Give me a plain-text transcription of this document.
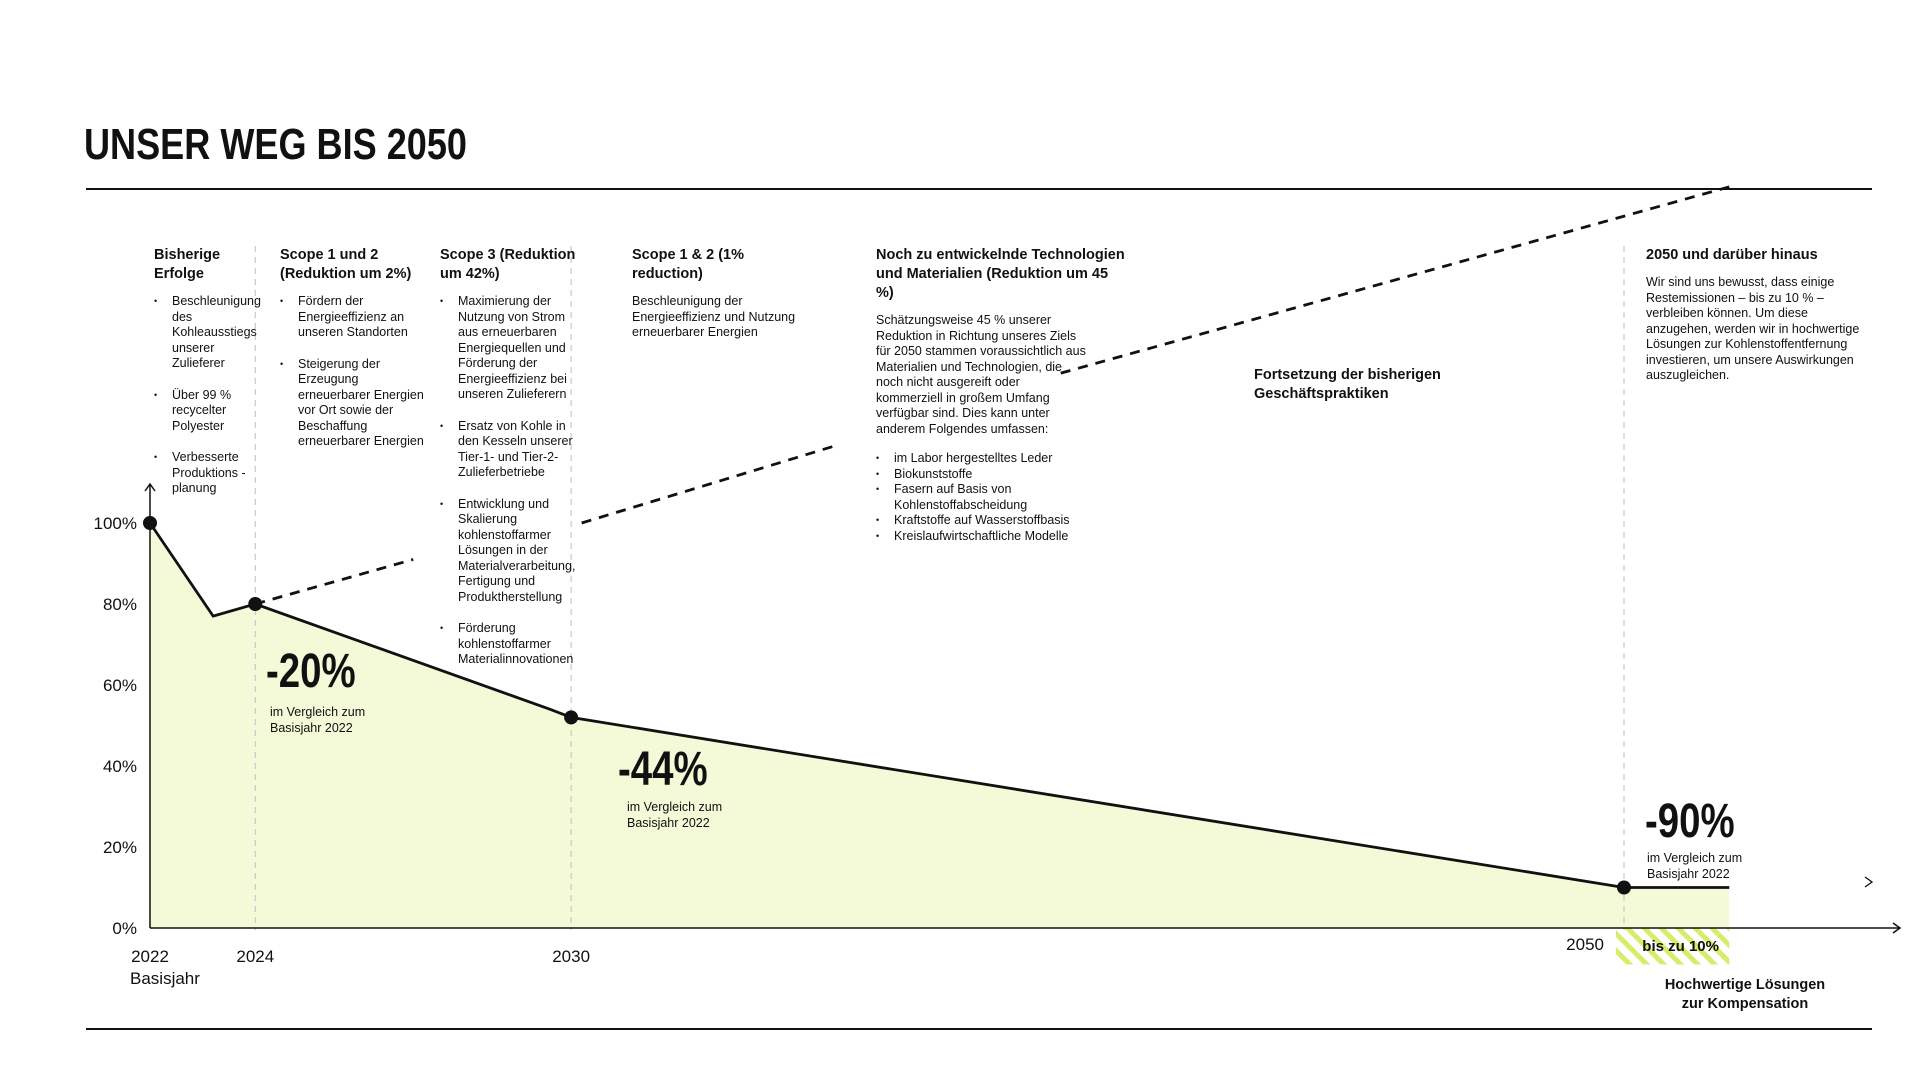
UNSER WEG BIS 2050
bis zu 10%
0%
20%
40%
60%
80%
100%
2022
Basisjahr
2024	2030
2050
Bisherige Erfolge
• Beschleunigung des Kohleausstiegs unserer Zulieferer
• Über 99 % recycelter Polyester
• Verbesserte Produktions -planung
Scope 1 und 2 (Reduktion um 2%)
• Fördern der Energieeffizienz an unseren Standorten
• Steigerung der Erzeugung erneuerbarer Energien vor Ort sowie der Beschaffung erneuerbarer Energien
Scope 3 (Reduktion um 42%)
• Maximierung der Nutzung von Strom aus erneuerbaren Energiequellen und Förderung der Energieeffizienz bei unseren Zulieferern
• Ersatz von Kohle in den Kesseln unserer Tier-1- und Tier-2-Zulieferbetriebe
• Entwicklung und Skalierung kohlenstoffarmer Lösungen in der Materialverarbeitung, Fertigung und Produktherstellung
• Förderung kohlenstoffarmer Materialinnovationen
Scope 1 & 2 (1% reduction)

Beschleunigung der Energieeffizienz und Nutzung erneuerbarer Energien

Noch zu entwickelnde Technologien und Materialien (Reduktion um 45 %)

Schätzungsweise 45 % unserer Reduktion in Richtung unseres Ziels für 2050 stammen voraussichtlich aus Materialien und Technologien, die noch nicht ausgereift oder kommerziell in großem Umfang verfügbar sind. Dies kann unter anderem Folgendes umfassen:

• im Labor hergestelltes Leder
• Biokunststoffe
• Fasern auf Basis von Kohlenstoffabscheidung
• Kraftstoffe auf Wasserstoffbasis
• Kreislaufwirtschaftliche Modelle
2050 und darüber hinaus

Wir sind uns bewusst, dass einige Restemissionen – bis zu 10 % – verbleiben können. Um diese anzugehen, werden wir in hochwertige Lösungen zur Kohlenstoffentfernung investieren, um unsere Auswirkungen auszugleichen.

Fortsetzung der bisherigen Geschäftspraktiken
-20%
im Vergleich zum Basisjahr 2022
-44%
im Vergleich zum Basisjahr 2022	-90%
im Vergleich zum Basisjahr 2022
Hochwertige Lösungen zur Kompensation
